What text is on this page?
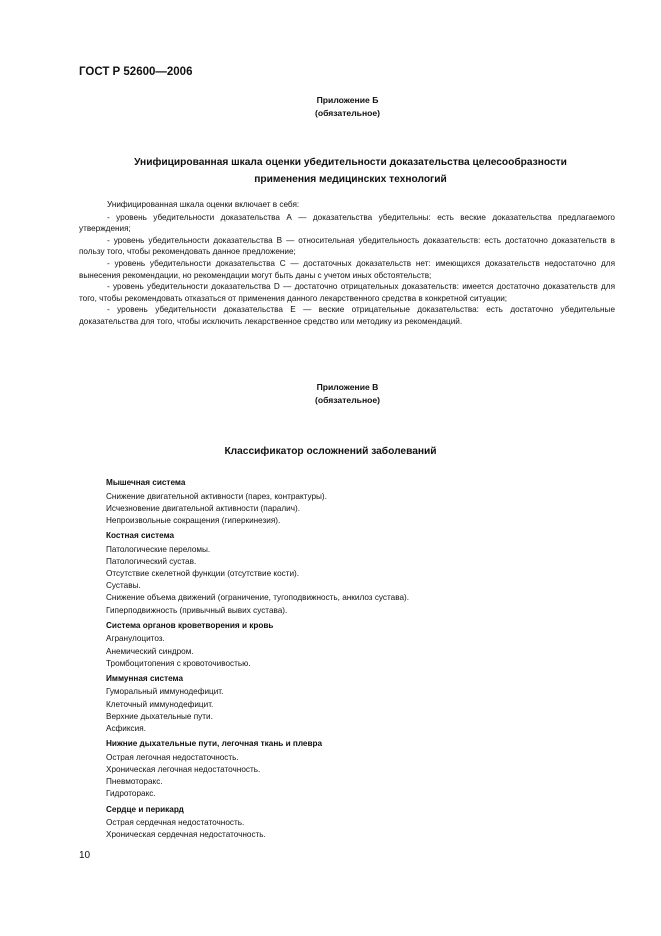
ГОСТ Р 52600—2006
Приложение Б
(обязательное)
Унифицированная шкала оценки убедительности доказательства целесообразности
применения медицинских технологий

Унифицированная шкала оценки включает в себя:

- уровень убедительности доказательства А — доказательства убедительны: есть веские доказательства предлагаемого утверждения;

- уровень убедительности доказательства В — относительная убедительность доказательств: есть достаточно доказательств в пользу того, чтобы рекомендовать данное предложение;

- уровень убедительности доказательства С — достаточных доказательств нет: имеющихся доказательств недостаточно для вынесения рекомендации, но рекомендации могут быть даны с учетом иных обстоятельств;

- уровень убедительности доказательства D — достаточно отрицательных доказательств: имеется достаточно доказательств для того, чтобы рекомендовать отказаться от применения данного лекарственного средства в конкретной ситуации;

- уровень убедительности доказательства Е — веские отрицательные доказательства: есть достаточно убедительные доказательства для того, чтобы исключить лекарственное средство или методику из рекомендаций.

Приложение В
(обязательное)
Классификатор осложнений заболеваний
Мышечная система
Снижение двигательной активности (парез, контрактуры).
Исчезновение двигательной активности (паралич).
Непроизвольные сокращения (гиперкинезия).
Костная система
Патологические переломы.
Патологический сустав.
Отсутствие скелетной функции (отсутствие кости).
Суставы.
Снижение объема движений (ограничение, тугоподвижность, анкилоз сустава).
Гиперподвижность (привычный вывих сустава).
Система органов кроветворения и кровь
Агранулоцитоз.
Анемический синдром.
Тромбоцитопения с кровоточивостью.
Иммунная система
Гуморальный иммунодефицит.
Клеточный иммунодефицит.
Верхние дыхательные пути.
Асфиксия.
Нижние дыхательные пути, легочная ткань и плевра
Острая легочная недостаточность.
Хроническая легочная недостаточность.
Пневмоторакс.
Гидроторакс.
Сердце и перикард
Острая сердечная недостаточность.
Хроническая сердечная недостаточность.
10
